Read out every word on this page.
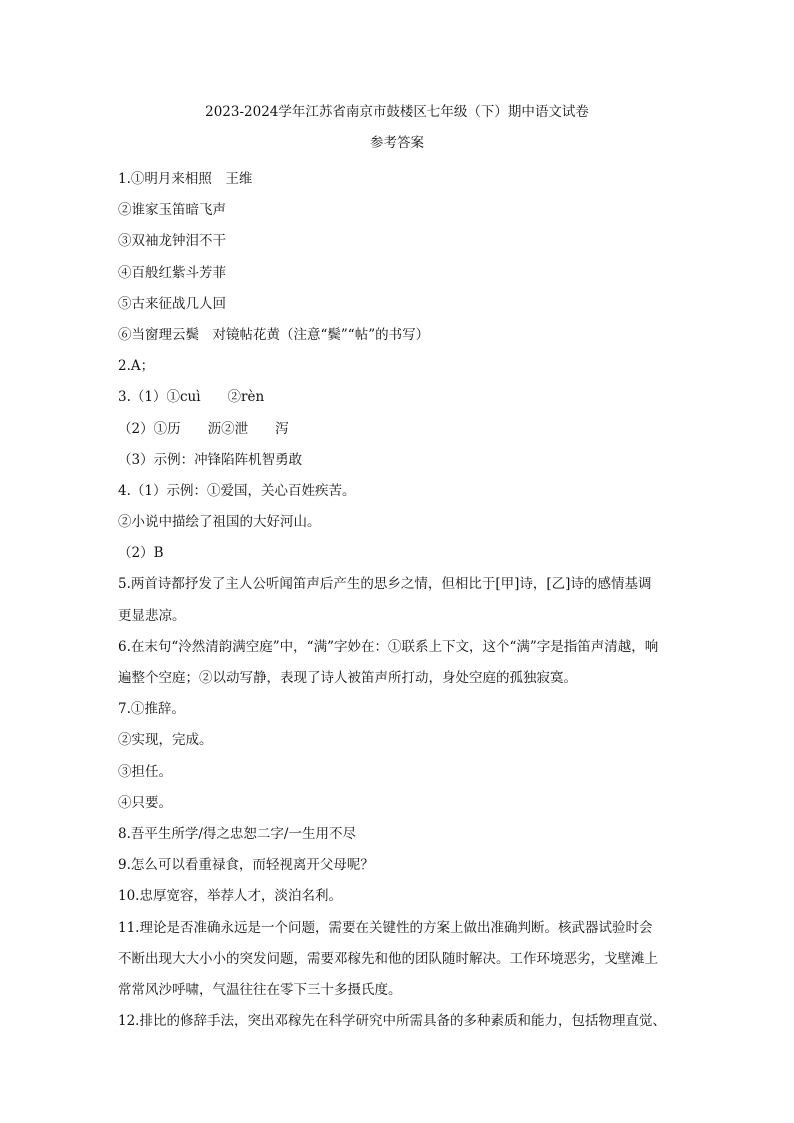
2023-2024学年江苏省南京市鼓楼区七年级（下）期中语文试卷
参考答案
1.①明月来相照　王维
②谁家玉笛暗飞声
③双袖龙钟泪不干
④百般红紫斗芳菲
⑤古来征战几人回
⑥当窗理云鬓　对镜帖花黄（注意“鬓”“帖”的书写）
2.A；
3.（1）①cuì　　②rèn
（2）①历　　沥②泄　　泻
（3）示例：冲锋陷阵机智勇敢
4.（1）示例：①爱国，关心百姓疾苦。
②小说中描绘了祖国的大好河山。
（2）B
5.两首诗都抒发了主人公听闻笛声后产生的思乡之情，但相比于[甲]诗，[乙]诗的感情基调
更显悲凉。
6.在末句“泠然清韵满空庭”中，“满”字妙在：①联系上下文，这个“满”字是指笛声清越，响
遍整个空庭；②以动写静，表现了诗人被笛声所打动，身处空庭的孤独寂寞。
7.①推辞。
②实现，完成。
③担任。
④只要。
8.吾平生所学/得之忠恕二字/一生用不尽
9.怎么可以看重禄食，而轻视离开父母呢？
10.忠厚宽容，举荐人才，淡泊名利。
11.理论是否准确永远是一个问题，需要在关键性的方案上做出准确判断。核武器试验时会
不断出现大大小小的突发问题，需要邓稼先和他的团队随时解决。工作环境恶劣，戈壁滩上
常常风沙呼啸，气温往往在零下三十多摄氏度。
12.排比的修辞手法，突出邓稼先在科学研究中所需具备的多种素质和能力，包括物理直觉、
